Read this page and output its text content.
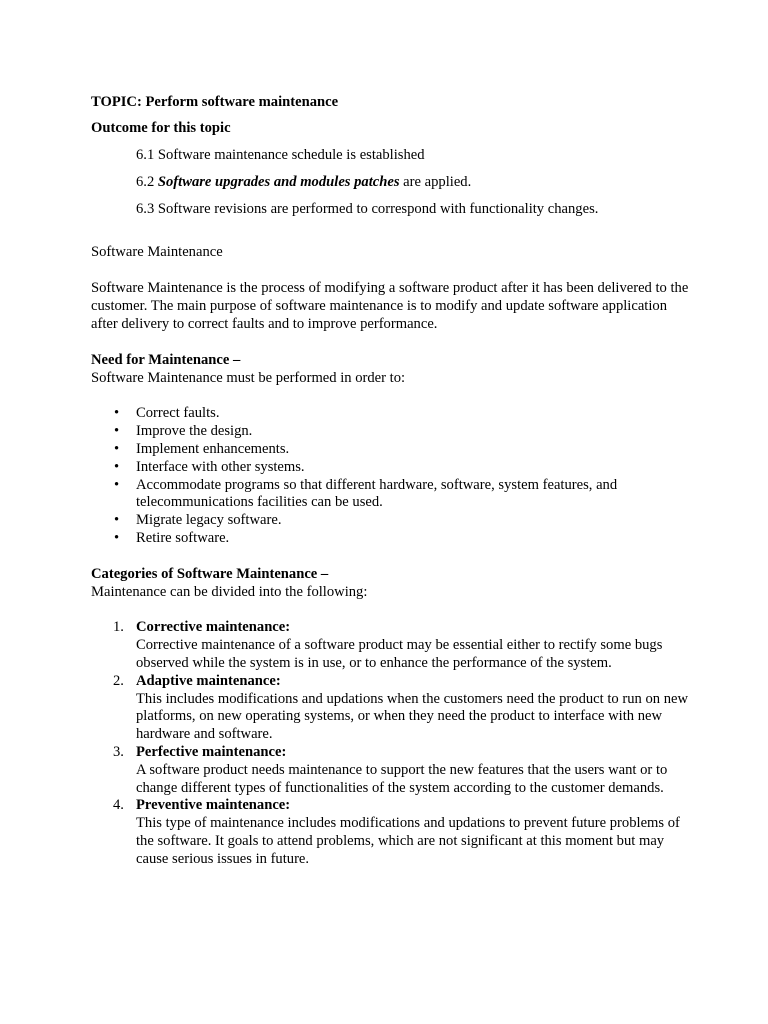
TOPIC: Perform software maintenance

Outcome for this topic

6.1 Software maintenance schedule is established
6.2 Software upgrades and modules patches are applied.
6.3 Software revisions are performed to correspond with functionality changes.

Software Maintenance

Software Maintenance is the process of modifying a software product after it has been delivered to the customer. The main purpose of software maintenance is to modify and update software application after delivery to correct faults and to improve performance.

Need for Maintenance –

Software Maintenance must be performed in order to:

• Correct faults.
• Improve the design.
• Implement enhancements.
• Interface with other systems.
• Accommodate programs so that different hardware, software, system features, and telecommunications facilities can be used.
• Migrate legacy software.
• Retire software.

Categories of Software Maintenance –

Maintenance can be divided into the following:

1. Corrective maintenance:
Corrective maintenance of a software product may be essential either to rectify some bugs observed while the system is in use, or to enhance the performance of the system.
2. Adaptive maintenance:
This includes modifications and updations when the customers need the product to run on new platforms, on new operating systems, or when they need the product to interface with new hardware and software.
3. Perfective maintenance:
A software product needs maintenance to support the new features that the users want or to change different types of functionalities of the system according to the customer demands.
4. Preventive maintenance:
This type of maintenance includes modifications and updations to prevent future problems of the software. It goals to attend problems, which are not significant at this moment but may cause serious issues in future.
